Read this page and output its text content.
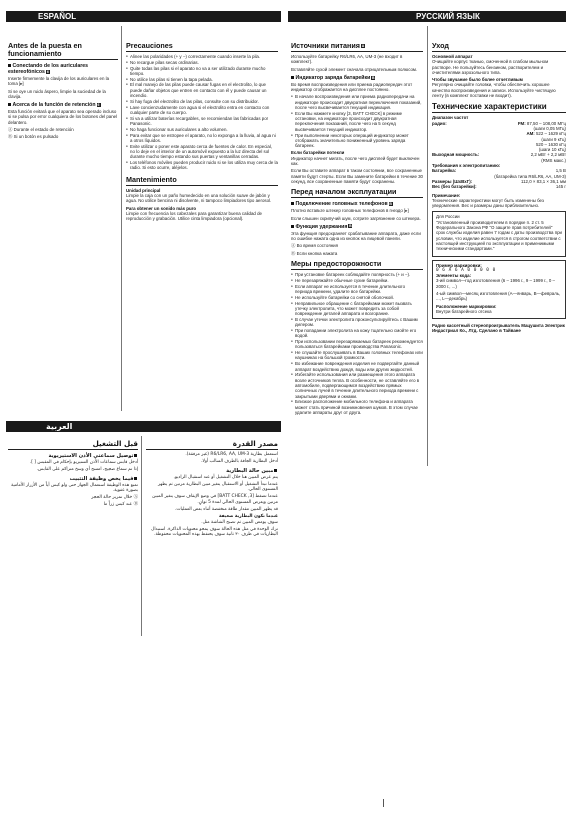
ESPAÑOL	РУССКИЙ ЯЗЫК
العربية
Antes de la puesta en funcionamiento
Conectando de los auriculares estereofónicos 6

Inserte firmemente la clavija de los auriculares en la toma [▸]

Si se oye un ruido áspero, limpie la suciedad de la clavija.

Acerca de la función de retención 6

Esta función evitará que el aparato sea operado incluso si se pulsa por error cualquiera de los botones del panel delantero.

Ⓐ Durante el estado de retención

Ⓑ Si un botón es pulsado

Precauciones
● Alinee las polaridades (+ y −) correctamente cuando inserte la pila.
● No recargue pilas secas ordinarias.
● Quite todas las pilas si el aparato no va a ser utilizado durante mucho tiempo.
● No utilice las pilas si tienen la tapa pelada.
● El mal manejo de las pilas puede causar fugas en el electrolito, lo que puede dañar objetos que entren en contacto con él y puede causar un incendio.
● Si hay fuga del electrolito de las pilas, consulte con su distribuidor.
● Lave concienzudamente con agua si el electrolito entra en contacto con cualquier parte de su cuerpo.
● Si va a utilizar baterías recargables, se recomiendan las fabricadas por Panasonic.
● No haga funcionar sus auriculares a alto volumen.
● Para evitar que se estropee el aparato, no lo exponga a la lluvia, al agua ni a otros líquidos.
● Evite utilizar o poner este aparato cerca de fuentes de calor. En especial, no lo deje en el interior de un automóvil expuesto a la luz directa del sol durante mucho tiempo estando sus puertas y ventanillas cerradas.
● Los teléfonos móviles pueden producir ruido si se los utiliza muy cerca de la radio. Si esto ocurre, aléjelos.
Mantenimiento
Unidad principal

Limpie la caja con un paño humedecido en una solución suave de jabón y agua. No utilice bencina ni disolvente, ni tampoco limpiadores tipo aerosol.

Para obtener un sonido más puro

Limpie con frecuencia los cabezales para garantizar buena calidad de reproducción y grabación. Utilice cinta limpiadora (opcional).

Источники питания A

Используйте батарейку R6/LR6, AA, UM-3 (не входит в комплект).

Вставляйте сухой элемент сначала отрицательным полюсом.

Индикатор заряда батарейки B

Во время воспроизведения или приема радиопередач этот индикатор отображается на дисплее постоянно.

● В начале воспроизведения или приема радиопередачи на индикаторе происходит двукратная переключения показаний, после чего высвечивается текущий индикация.
● Если Вы нажмете кнопку [3, BATT CHECK] в режиме остановки, на индикаторе происходит двукратная переключения показаний, после чего на 5 секунд высвечивается текущий индикатор.
● При выполнении некоторых операций индикатор может отображать значительно пониженный уровень заряда батареек.
Если батарейки потекли

Индикатор начнет мигать, после чего дисплей будет выключен как.

Если Вы оставите аппарат в таком состоянии, все сохраненные памяти будут стерты. Если Вы замените батарейки в течение 30 секунд, все сохраненные памяти будут сохранены.

Перед началом эксплуатации
Подключение головных телефонов B

Плотно вставьте штекер головных телефонов в гнездо [▸]

Если слышен скрипучий шум, сотрите загрязнение со штекера.

Функция удержания B

Эта функция предохраняет срабатывание аппарата, даже если по ошибке нажата одна из кнопок на лицевой панели.

Ⓐ Во время состояния

Ⓑ Если кнопка нажата

Меры предосторожности
● При установке батареек соблюдайте полярность (+ и −).
● Не перезаряжайте обычные сухие батарейки.
● Если аппарат не используется в течение длительного периода времени, удалите все батарейки.
● Не используйте батарейки со снятой оболочкой.
● Неправильное обращение с батарейками может вызвать утечку электролита, что может повредить за собой повреждение деталей аппарата и возгорание.
● В случае утечки электролита проконсультируйтесь с Вашим дилером.
● При попадании электролита на кожу тщательно смойте его водой.
● При использовании перезаряжаемых батареек рекомендуется пользоваться батарейками производства Panasonic.
● Не слушайте прослушивать в Ваших головных телефонах или наушниках на большой громкости.
● Во избежание повреждения изделия не подвергайте данный аппарат воздействию дождя, воды или других жидкостей.
● Избегайте использования или размещения этого аппарата возле источников тепла. В особенности, не оставляйте его в автомобиле, подвергающимся воздействию прямых солнечных лучей в течение длительного периода времени с закрытыми дверями и окнами.
● Близкое расположение мобильного телефона и аппарата может стать причиной возникновения шумов. В этом случае удалите аппараты друг от друга.
Уход
Основной аппарат

Очищайте корпус тканью, смоченной в слабом мыльном растворе. Не пользуйтесь бензином, растворителем и очистителями аэрозольного типа.

Чтобы звучание было более отчетливым

Регулярно очищайте головки, чтобы обеспечить хорошее качество воспроизведения и записи. Используйте чистящую ленту (в комплект поставки не входит).

Технические характеристики
Диапазон частот
радио:	FM: 87,50 – 108,00 МГц
(шаги 0,05 МГц)
AM: 522 – 1629 кГц
(шаги 9 кГц)
520 – 1630 кГц
(шаги 10 кГц)
Выходная мощность:	2,2 мВт + 2,2 мВт
(RMS макс.)
Требования к электропитанию:
Батарейка:	1,5 В
(батарейка типа R6/LR6, AA, UM-3)
Размеры (ШxВxГ):	112,0 × 83,1 × 36,1 мм
Вес (без батарейки):	145 г
Примечание:

Технические характеристики могут быть изменены без уведомления. Вес и размеры даны приблизительно.

Для России

"Установленный производителем в порядке п. 2 ст. 5 Федерального Закона РФ "О защите прав потребителей" срок службы изделия равен 7 годам с даты производства при условии, что изделие используется в строгом соответствии с настоящей инструкцией по эксплуатации и применимыми техническими стандартами."

Пример маркировки:
0 6 А 6 А 0 0 0 0 0
Элементы кода:

3-ий символ—год изготовления (6 – 1996 г., 9 – 1999 г., 0 – 2000 г., ...)

4-ый символ—месяц изготовления (А—январь, В—февраль, ..., L—декабрь)

Расположение маркировки:

Внутри батарейного отсека

Радио кассетный стереопроигрыватель Мацушита Электрик Индастриал Ко., Лтд. Сделано в Тайване

قبل التشغيل
توصيل سماعتي الأذن الاستيريوية

أدخل قابس سماعات الأذن الستيريو بإحكام في المقبس [ ].

إذا تم سماع ضجيج، امسح أي وسخ متراكم على القابس.

فيما يخص وظيفة التثبيت

تمنع هذه الوظيفة استعمال الجهاز حتى ولو كبس أياً من الأزرار الأمامية بصورة عفوية.

Ⓐ خلال تمرير حالة الحجز

Ⓑ عند كبس زراً ما

مصدر القدرة

استعمل بطارية R6/LR6, AA, UM-3 (غير مرفقة).

أدخل البطارية الجافة بالطرف السالب أولا.

مبين حالة البطارية

يتم عرض المبين هنا خلال التشغيل أو عند استقبال الراديو.

عندما تبدأ التشغيل أو الاستقبال يتغير مبين البطارية مرتين ثم يظهر المستوى الحالي.

عندما تضغط [3, BATT CHECK] في وضع الإيقاف سوف يتغير المبين مرتين ويعرض المستوى الحالي لمدة 5 ثوانٍ.

قد يظهر المبين مقدار طاقة منخفضة أثناء بعض العمليات.

عندما تكون البطارية ضعيفة

سوف يومض المبين ثم تصبح الشاشة مثل.

ترك الوحدة في مثل هذه الحالة سوف يمحو محتويات الذاكرة. استبدال البطاريات في ظرف ٣٠ ثانية سوف يحتفظ بهذه المحتويات محفوظة.
